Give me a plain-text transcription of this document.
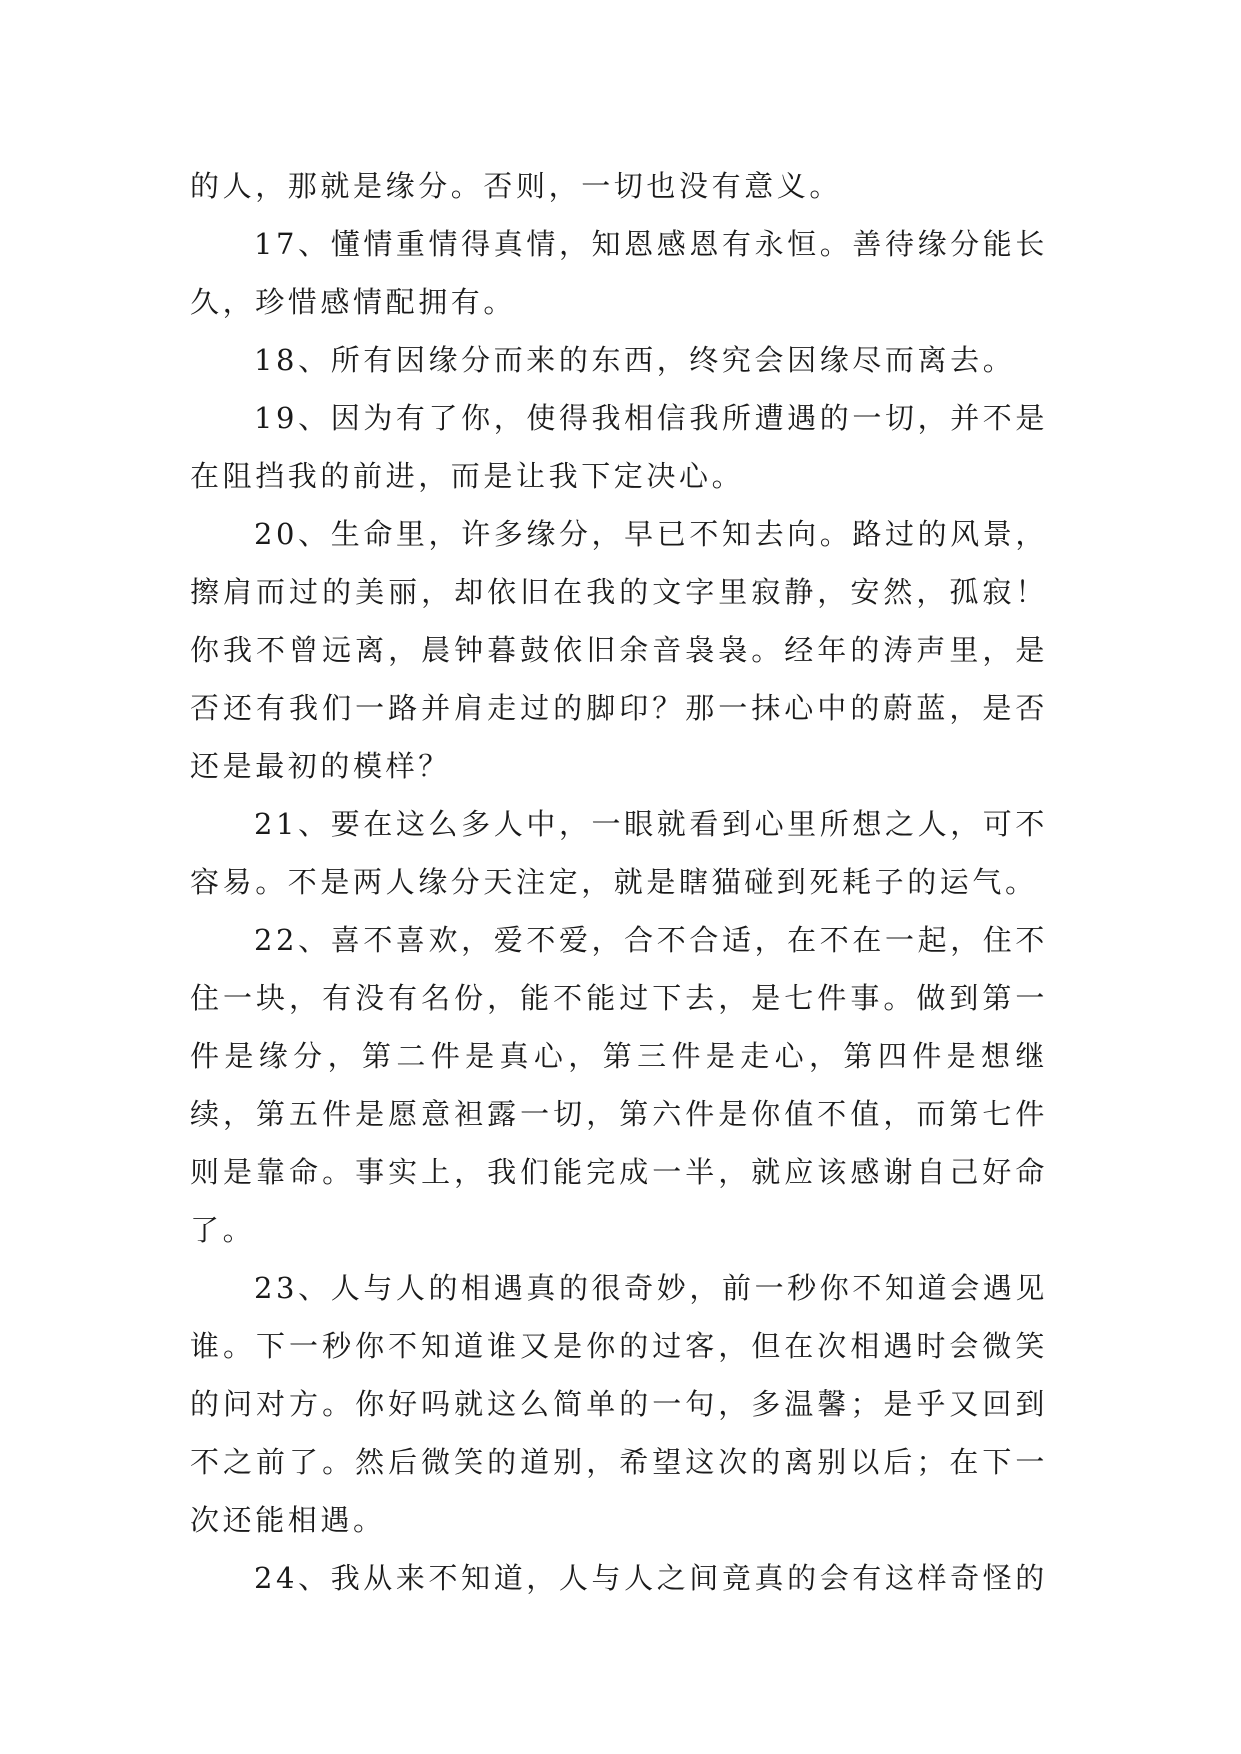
的人，那就是缘分。否则，一切也没有意义。

17、懂情重情得真情，知恩感恩有永恒。善待缘分能长久，珍惜感情配拥有。

18、所有因缘分而来的东西，终究会因缘尽而离去。

19、因为有了你，使得我相信我所遭遇的一切，并不是在阻挡我的前进，而是让我下定决心。

20、生命里，许多缘分，早已不知去向。路过的风景，擦肩而过的美丽，却依旧在我的文字里寂静，安然，孤寂！你我不曾远离，晨钟暮鼓依旧余音袅袅。经年的涛声里，是否还有我们一路并肩走过的脚印？那一抹心中的蔚蓝，是否还是最初的模样？

21、要在这么多人中，一眼就看到心里所想之人，可不容易。不是两人缘分天注定，就是瞎猫碰到死耗子的运气。

22、喜不喜欢，爱不爱，合不合适，在不在一起，住不住一块，有没有名份，能不能过下去，是七件事。做到第一件是缘分，第二件是真心，第三件是走心，第四件是想继续，第五件是愿意袒露一切，第六件是你值不值，而第七件则是靠命。事实上，我们能完成一半，就应该感谢自己好命了。

23、人与人的相遇真的很奇妙，前一秒你不知道会遇见谁。下一秒你不知道谁又是你的过客，但在次相遇时会微笑的问对方。你好吗就这么简单的一句，多温馨；是乎又回到不之前了。然后微笑的道别，希望这次的离别以后；在下一次还能相遇。

24、我从来不知道，人与人之间竟真的会有这样奇怪的
